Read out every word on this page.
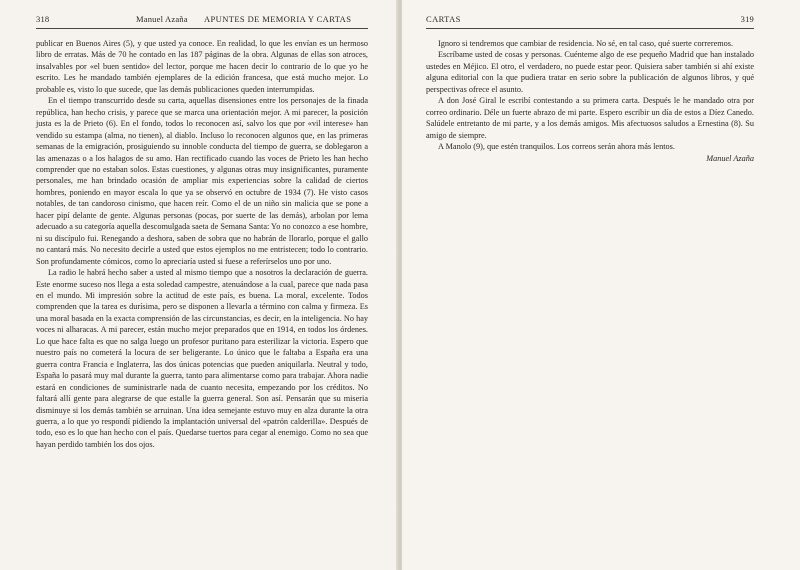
318	Manuel Azaña APUNTES DE MEMORIA Y CARTAS

publicar en Buenos Aires (5), y que usted ya conoce. En realidad, lo que les envían es un hermoso libro de erratas. Más de 70 he contado en las 187 páginas de la obra. Algunas de ellas son atroces, insalvables por «el buen sentido» del lector, porque me hacen decir lo contrario de lo que yo he escrito. Les he mandado también ejemplares de la edición francesa, que está mucho mejor. Lo probable es, visto lo que sucede, que las demás publicaciones queden interrumpidas.

En el tiempo transcurrido desde su carta, aquellas disensiones entre los personajes de la finada república, han hecho crisis, y parece que se marca una orientación mejor. A mi parecer, la posición justa es la de Prieto (6). En el fondo, todos lo reconocen así, salvo los que por «vil interese» han vendido su estampa (alma, no tienen), al diablo. Incluso lo reconocen algunos que, en las primeras semanas de la emigración, prosiguiendo su innoble conducta del tiempo de guerra, se doblegaron a las amenazas o a los halagos de su amo. Han rectificado cuando las voces de Prieto les han hecho comprender que no estaban solos. Estas cuestiones, y algunas otras muy insignificantes, puramente personales, me han brindado ocasión de ampliar mis experiencias sobre la calidad de ciertos hombres, poniendo en mayor escala lo que ya se observó en octubre de 1934 (7). He visto casos notables, de tan candoroso cinismo, que hacen reír. Como el de un niño sin malicia que se pone a hacer pipí delante de gente. Algunas personas (pocas, por suerte de las demás), arbolan por lema adecuado a su categoría aquella descomulgada saeta de Semana Santa: Yo no conozco a ese hombre, ni su discípulo fui. Renegando a deshora, saben de sobra que no habrán de llorarlo, porque el gallo no cantará más. No necesito decirle a usted que estos ejemplos no me entristecen; todo lo contrario. Son profundamente cómicos, como lo apreciaría usted si fuese a referírselos uno por uno.

La radio le habrá hecho saber a usted al mismo tiempo que a nosotros la declaración de guerra. Este enorme suceso nos llega a esta soledad campestre, atenuándose a la cual, parece que nada pasa en el mundo. Mi impresión sobre la actitud de este país, es buena. La moral, excelente. Todos comprenden que la tarea es durísima, pero se disponen a llevarla a término con calma y firmeza. Es una moral basada en la exacta comprensión de las circunstancias, es decir, en la inteligencia. No hay voces ni alharacas. A mi parecer, están mucho mejor preparados que en 1914, en todos los órdenes. Lo que hace falta es que no salga luego un profesor puritano para esterilizar la victoria. Espero que nuestro país no cometerá la locura de ser beligerante. Lo único que le faltaba a España era una guerra contra Francia e Inglaterra, las dos únicas potencias que pueden aniquilarla. Neutral y todo, España lo pasará muy mal durante la guerra, tanto para alimentarse como para trabajar. Ahora nadie estará en condiciones de suministrarle nada de cuanto necesita, empezando por los créditos. No faltará allí gente para alegrarse de que estalle la guerra general. Son así. Pensarán que su miseria disminuye si los demás también se arruinan. Una idea semejante estuvo muy en alza durante la otra guerra, a lo que yo respondí pidiendo la implantación universal del «patrón calderilla». Después de todo, eso es lo que han hecho con el país. Quedarse tuertos para cegar al enemigo. Como no sea que hayan perdido también los dos ojos.

CARTAS	319

Ignoro si tendremos que cambiar de residencia. No sé, en tal caso, qué suerte correremos.

Escríbame usted de cosas y personas. Cuénteme algo de ese pequeño Madrid que han instalado ustedes en Méjico. El otro, el verdadero, no puede estar peor. Quisiera saber también si ahí existe alguna editorial con la que pudiera tratar en serio sobre la publicación de algunos libros, y qué perspectivas ofrece el asunto.

A don José Giral le escribí contestando a su primera carta. Después le he mandado otra por correo ordinario. Déle un fuerte abrazo de mi parte. Espero escribir un día de estos a Díez Canedo. Salúdele entretanto de mi parte, y a los demás amigos. Mis afectuosos saludos a Ernestina (8). Su amigo de siempre.

A Manolo (9), que estén tranquilos. Los correos serán ahora más lentos.

Manuel Azaña
